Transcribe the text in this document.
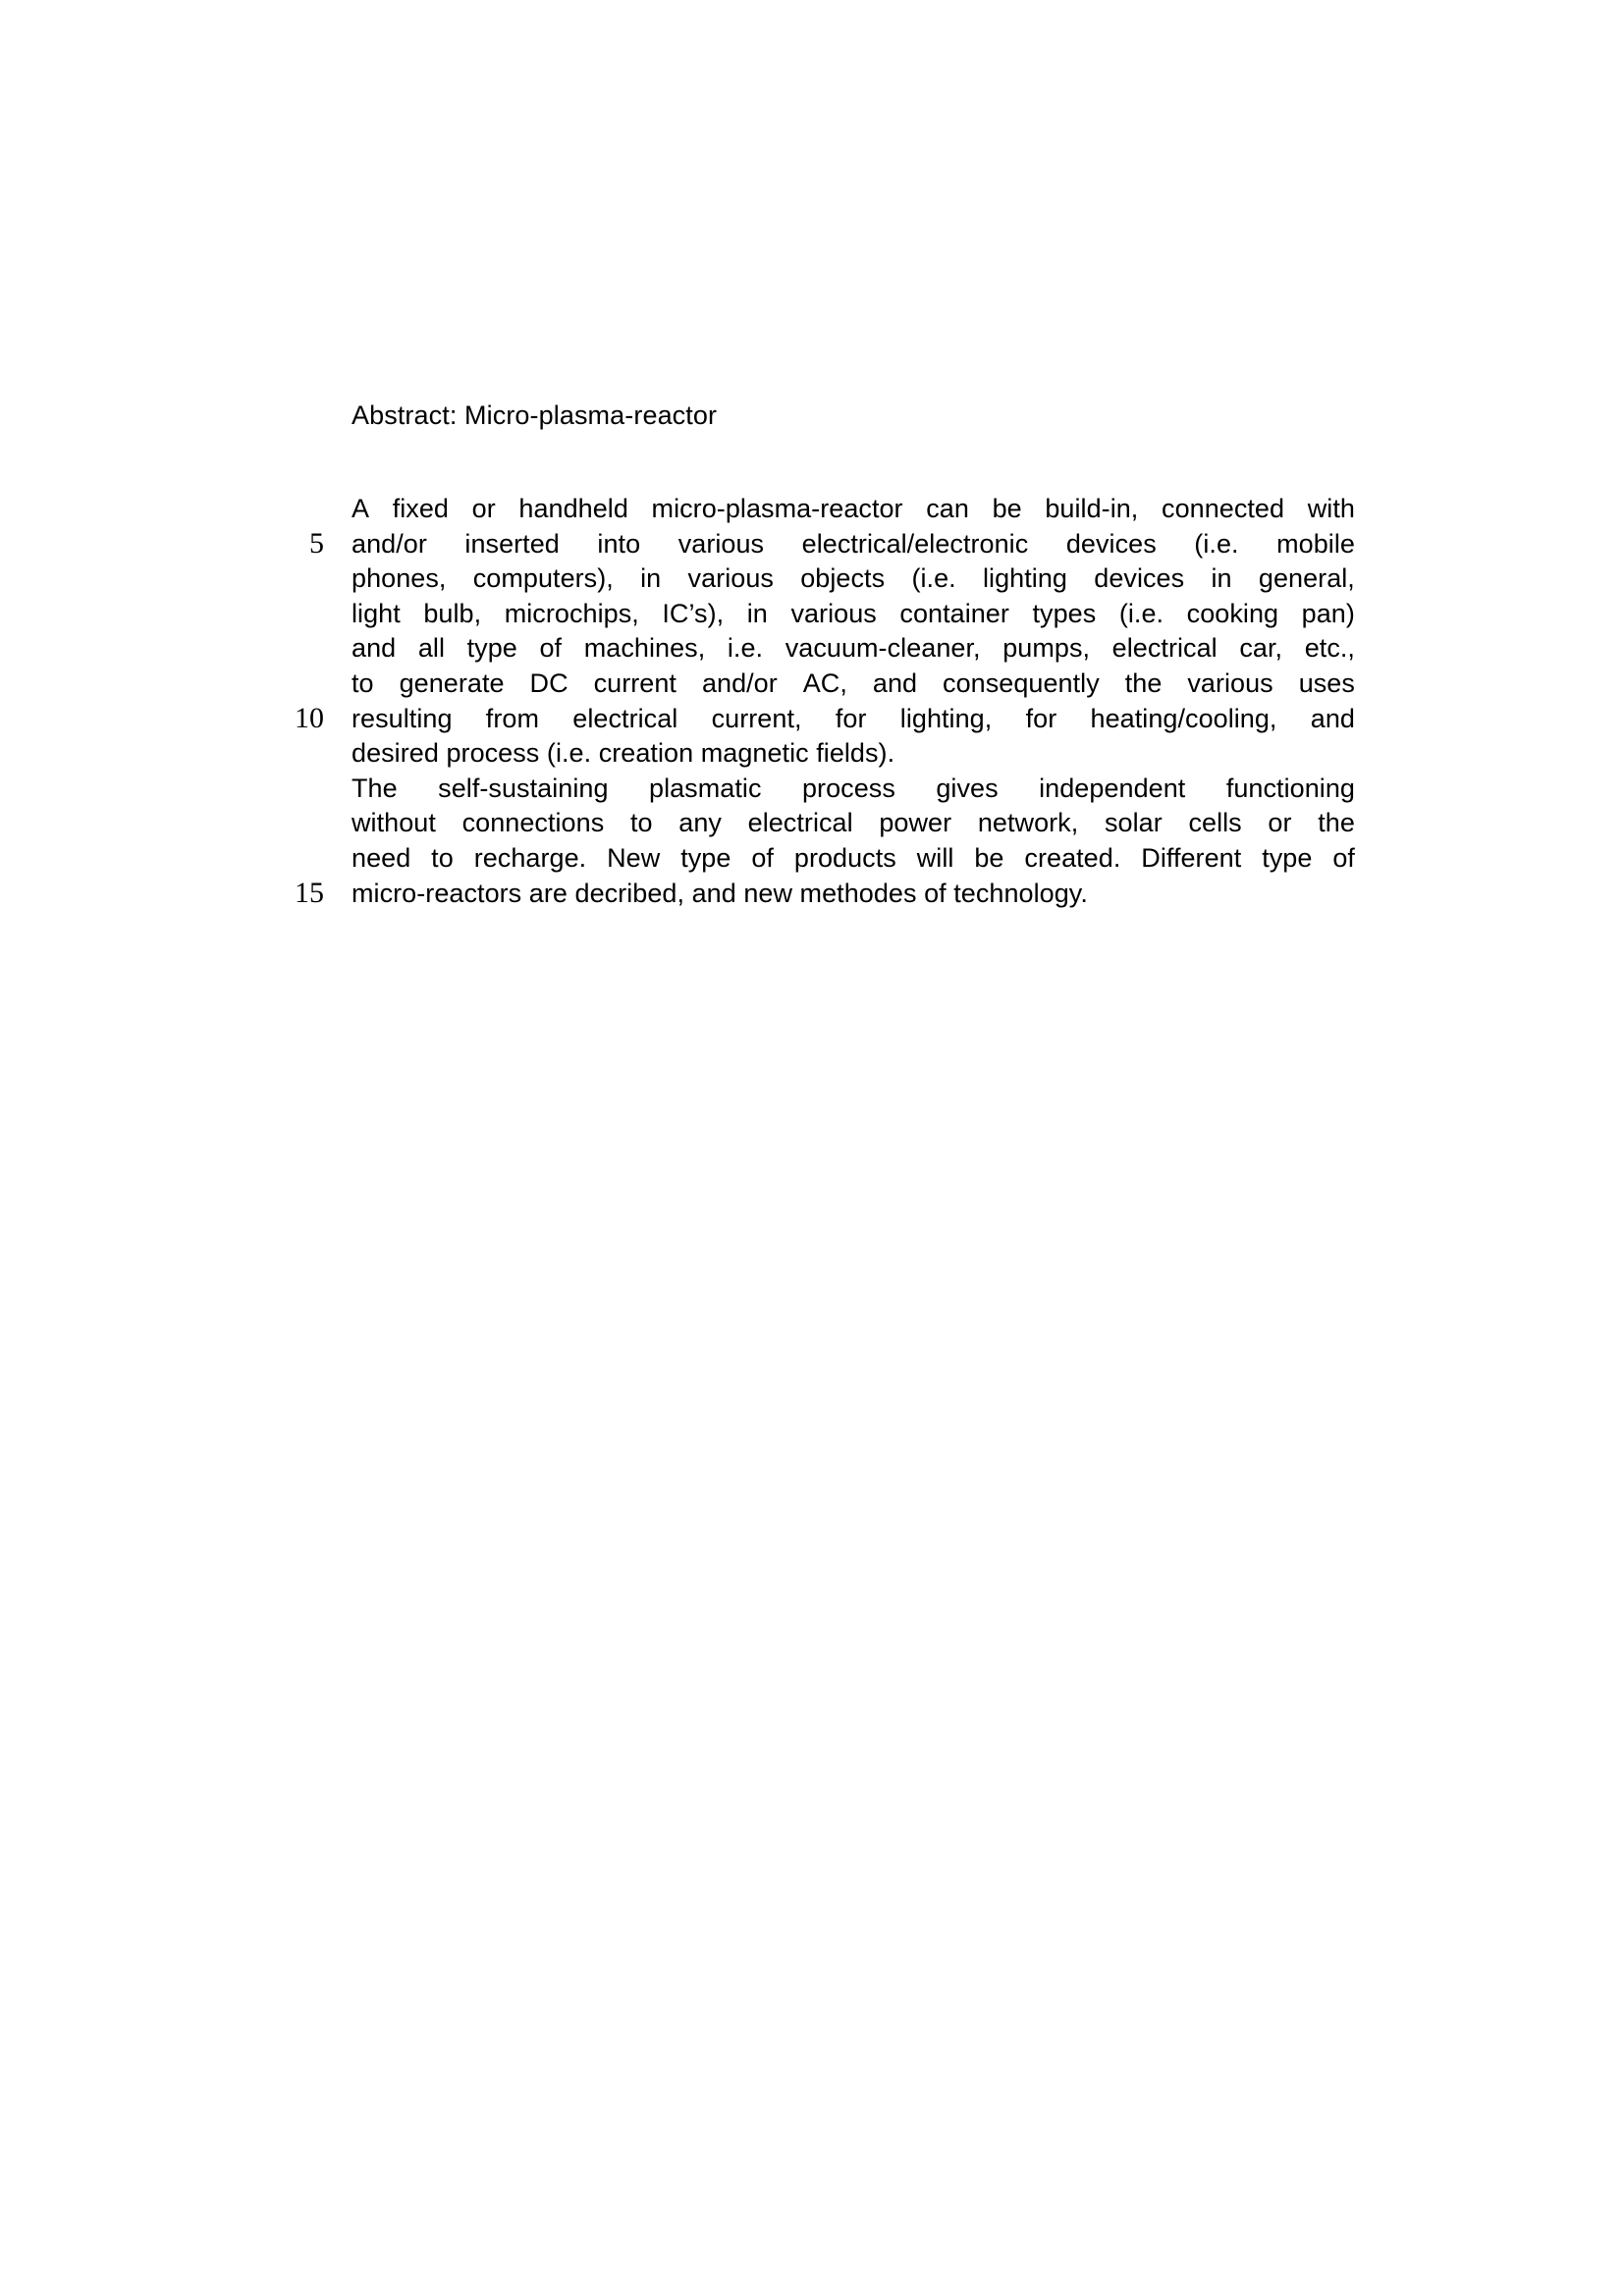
5
10
15
Abstract: Micro-plasma-reactor
A fixed or handheld micro-plasma-reactor can be build-in, connected with
and/or inserted into various electrical/electronic devices (i.e. mobile
phones, computers), in various objects (i.e. lighting devices in general,
light bulb, microchips, IC’s), in various container types (i.e. cooking pan)
and all type of machines, i.e. vacuum-cleaner, pumps, electrical car, etc.,
to generate DC current and/or AC, and consequently the various uses
resulting from electrical current, for lighting, for heating/cooling, and
desired process (i.e. creation magnetic fields).
The self-sustaining plasmatic process gives independent functioning
without connections to any electrical power network, solar cells or the
need to recharge. New type of products will be created. Different type of
micro-reactors are decribed, and new methodes of technology.
